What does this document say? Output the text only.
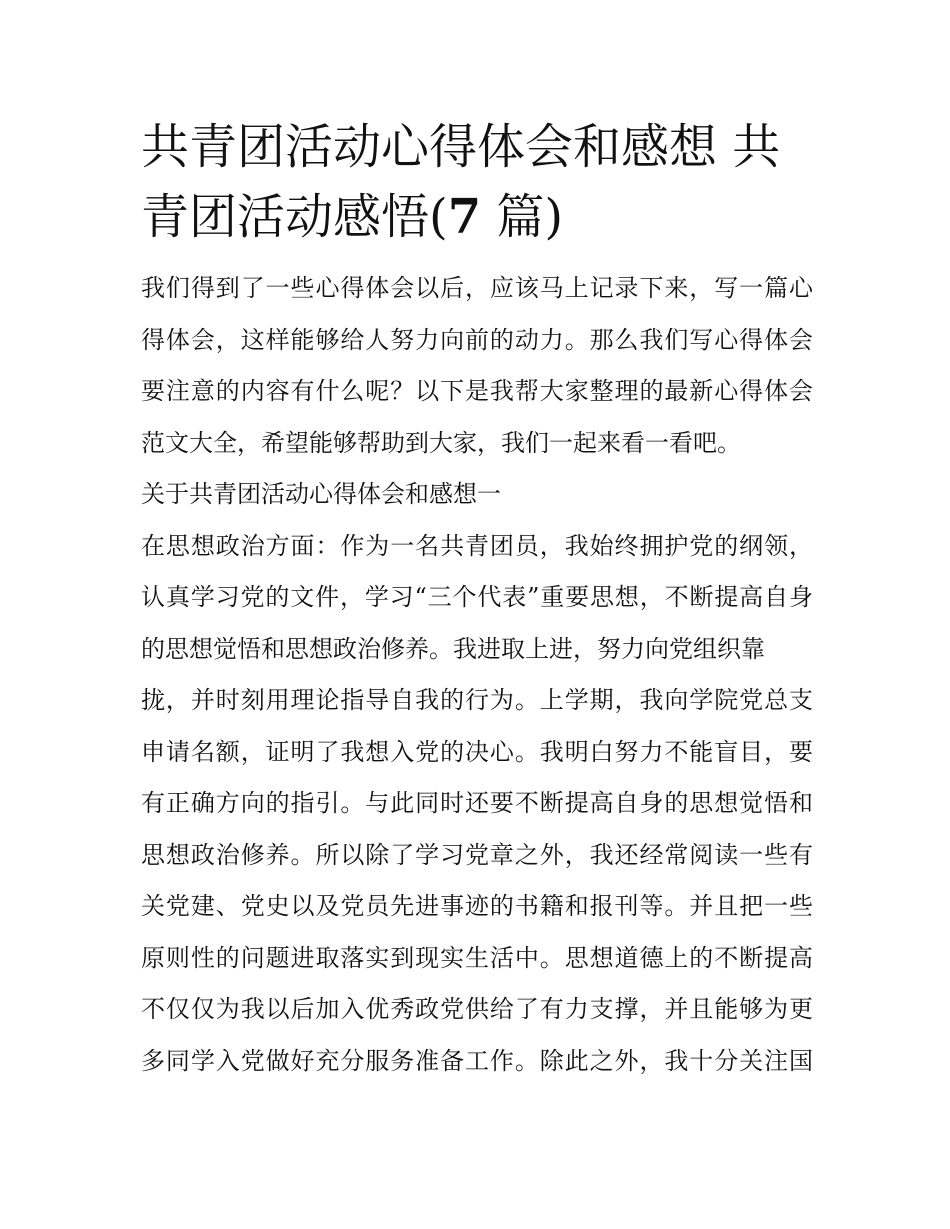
共青团活动心得体会和感想 共
青团活动感悟(7 篇)
我们得到了一些心得体会以后，应该马上记录下来，写一篇心
得体会，这样能够给人努力向前的动力。那么我们写心得体会
要注意的内容有什么呢？以下是我帮大家整理的最新心得体会
范文大全，希望能够帮助到大家，我们一起来看一看吧。
关于共青团活动心得体会和感想一
在思想政治方面：作为一名共青团员，我始终拥护党的纲领，
认真学习党的文件，学习“三个代表”重要思想，不断提高自身
的思想觉悟和思想政治修养。我进取上进，努力向党组织靠
拢，并时刻用理论指导自我的行为。上学期，我向学院党总支
申请名额，证明了我想入党的决心。我明白努力不能盲目，要
有正确方向的指引。与此同时还要不断提高自身的思想觉悟和
思想政治修养。所以除了学习党章之外，我还经常阅读一些有
关党建、党史以及党员先进事迹的书籍和报刊等。并且把一些
原则性的问题进取落实到现实生活中。思想道德上的不断提高
不仅仅为我以后加入优秀政党供给了有力支撑，并且能够为更
多同学入党做好充分服务准备工作。除此之外，我十分关注国
